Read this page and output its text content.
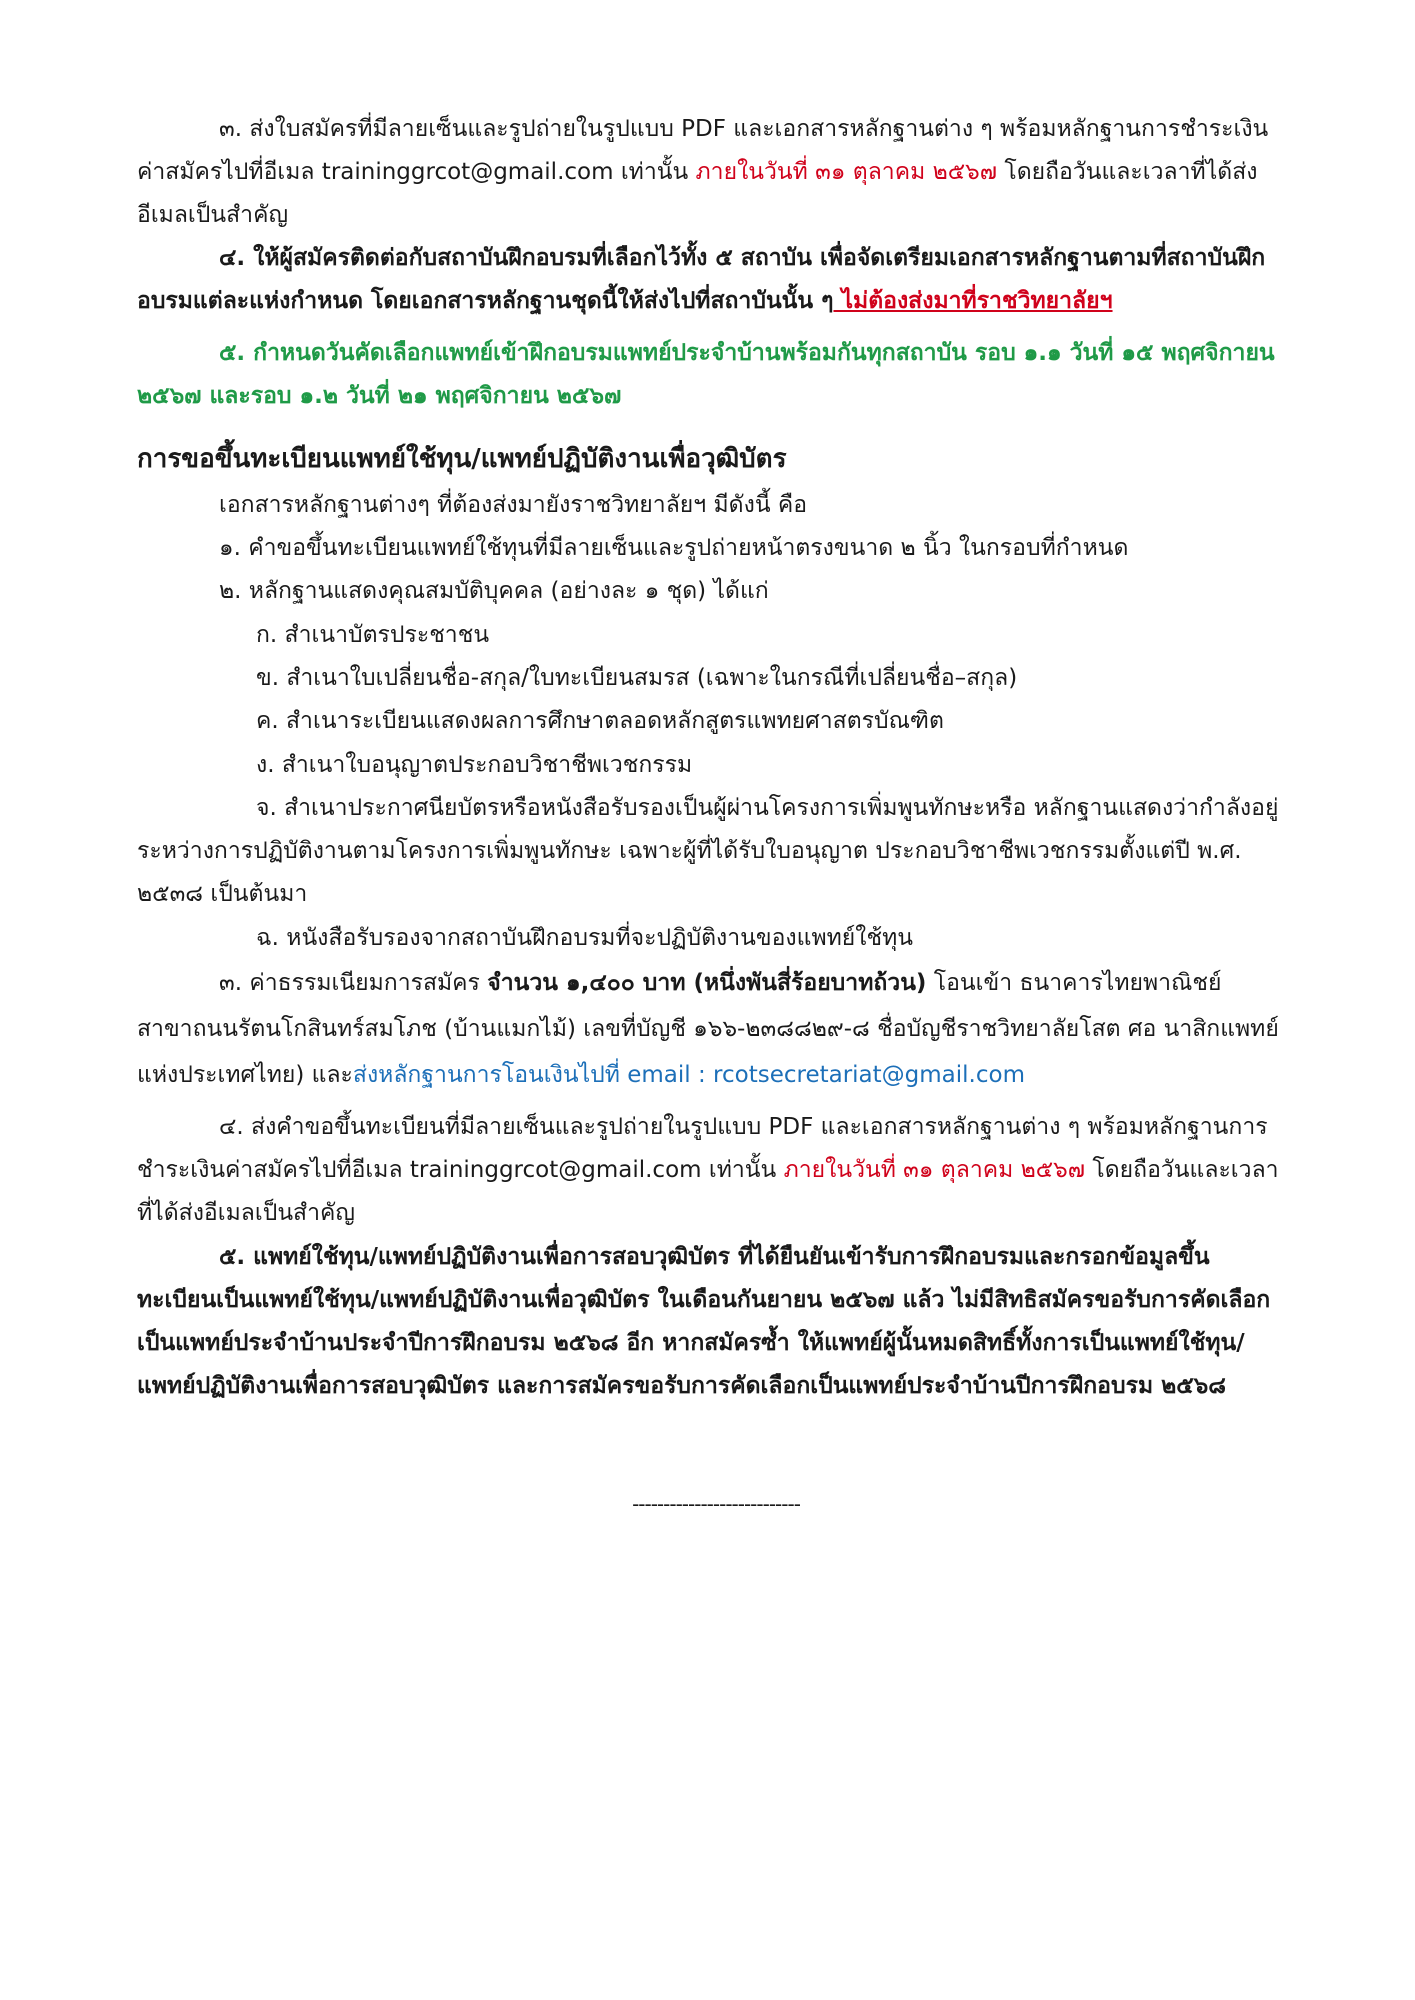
๓. ส่งใบสมัครที่มีลายเซ็นและรูปถ่ายในรูปแบบ PDF และเอกสารหลักฐานต่าง ๆ พร้อมหลักฐานการชำระเงินค่าสมัครไปที่อีเมล traininggrcot@gmail.com เท่านั้น ภายในวันที่ ๓๑ ตุลาคม ๒๕๖๗ โดยถือวันและเวลาที่ได้ส่งอีเมลเป็นสำคัญ

๔. ให้ผู้สมัครติดต่อกับสถาบันฝึกอบรมที่เลือกไว้ทั้ง ๕ สถาบัน เพื่อจัดเตรียมเอกสารหลักฐานตามที่สถาบันฝึกอบรมแต่ละแห่งกำหนด โดยเอกสารหลักฐานชุดนี้ให้ส่งไปที่สถาบันนั้น ๆ ไม่ต้องส่งมาที่ราชวิทยาลัยฯ

๕. กำหนดวันคัดเลือกแพทย์เข้าฝึกอบรมแพทย์ประจำบ้านพร้อมกันทุกสถาบัน รอบ ๑.๑ วันที่ ๑๕ พฤศจิกายน ๒๕๖๗ และรอบ ๑.๒ วันที่ ๒๑ พฤศจิกายน ๒๕๖๗

การขอขึ้นทะเบียนแพทย์ใช้ทุน/แพทย์ปฏิบัติงานเพื่อวุฒิบัตร

เอกสารหลักฐานต่างๆ ที่ต้องส่งมายังราชวิทยาลัยฯ มีดังนี้ คือ

๑. คำขอขึ้นทะเบียนแพทย์ใช้ทุนที่มีลายเซ็นและรูปถ่ายหน้าตรงขนาด ๒ นิ้ว ในกรอบที่กำหนด

๒. หลักฐานแสดงคุณสมบัติบุคคล (อย่างละ ๑ ชุด) ได้แก่

ก. สำเนาบัตรประชาชน

ข. สำเนาใบเปลี่ยนชื่อ-สกุล/ใบทะเบียนสมรส (เฉพาะในกรณีที่เปลี่ยนชื่อ–สกุล)

ค. สำเนาระเบียนแสดงผลการศึกษาตลอดหลักสูตรแพทยศาสตรบัณฑิต

ง. สำเนาใบอนุญาตประกอบวิชาชีพเวชกรรม

จ. สำเนาประกาศนียบัตรหรือหนังสือรับรองเป็นผู้ผ่านโครงการเพิ่มพูนทักษะหรือ หลักฐานแสดงว่ากำลังอยู่ระหว่างการปฏิบัติงานตามโครงการเพิ่มพูนทักษะ เฉพาะผู้ที่ได้รับใบอนุญาต ประกอบวิชาชีพเวชกรรมตั้งแต่ปี พ.ศ. ๒๕๓๘ เป็นต้นมา

ฉ. หนังสือรับรองจากสถาบันฝึกอบรมที่จะปฏิบัติงานของแพทย์ใช้ทุน

๓. ค่าธรรมเนียมการสมัคร จำนวน ๑,๔๐๐ บาท (หนึ่งพันสี่ร้อยบาทถ้วน) โอนเข้า ธนาคารไทยพาณิชย์ สาขาถนนรัตนโกสินทร์สมโภช (บ้านแมกไม้) เลขที่บัญชี ๑๖๖-๒๓๘๘๒๙-๘ ชื่อบัญชีราชวิทยาลัยโสต ศอ นาสิกแพทย์แห่งประเทศไทย) และส่งหลักฐานการโอนเงินไปที่ email : rcotsecretariat@gmail.com

๔. ส่งคำขอขึ้นทะเบียนที่มีลายเซ็นและรูปถ่ายในรูปแบบ PDF และเอกสารหลักฐานต่าง ๆ พร้อมหลักฐานการชำระเงินค่าสมัครไปที่อีเมล traininggrcot@gmail.com เท่านั้น ภายในวันที่ ๓๑ ตุลาคม ๒๕๖๗ โดยถือวันและเวลาที่ได้ส่งอีเมลเป็นสำคัญ

๕. แพทย์ใช้ทุน/แพทย์ปฏิบัติงานเพื่อการสอบวุฒิบัตร ที่ได้ยืนยันเข้ารับการฝึกอบรมและกรอกข้อมูลขึ้นทะเบียนเป็นแพทย์ใช้ทุน/แพทย์ปฏิบัติงานเพื่อวุฒิบัตร ในเดือนกันยายน ๒๕๖๗ แล้ว ไม่มีสิทธิสมัครขอรับการคัดเลือกเป็นแพทย์ประจำบ้านประจำปีการฝึกอบรม ๒๕๖๘ อีก หากสมัครซ้ำ ให้แพทย์ผู้นั้นหมดสิทธิ์ทั้งการเป็นแพทย์ใช้ทุน/แพทย์ปฏิบัติงานเพื่อการสอบวุฒิบัตร และการสมัครขอรับการคัดเลือกเป็นแพทย์ประจำบ้านปีการฝึกอบรม ๒๕๖๘

---------------------------
